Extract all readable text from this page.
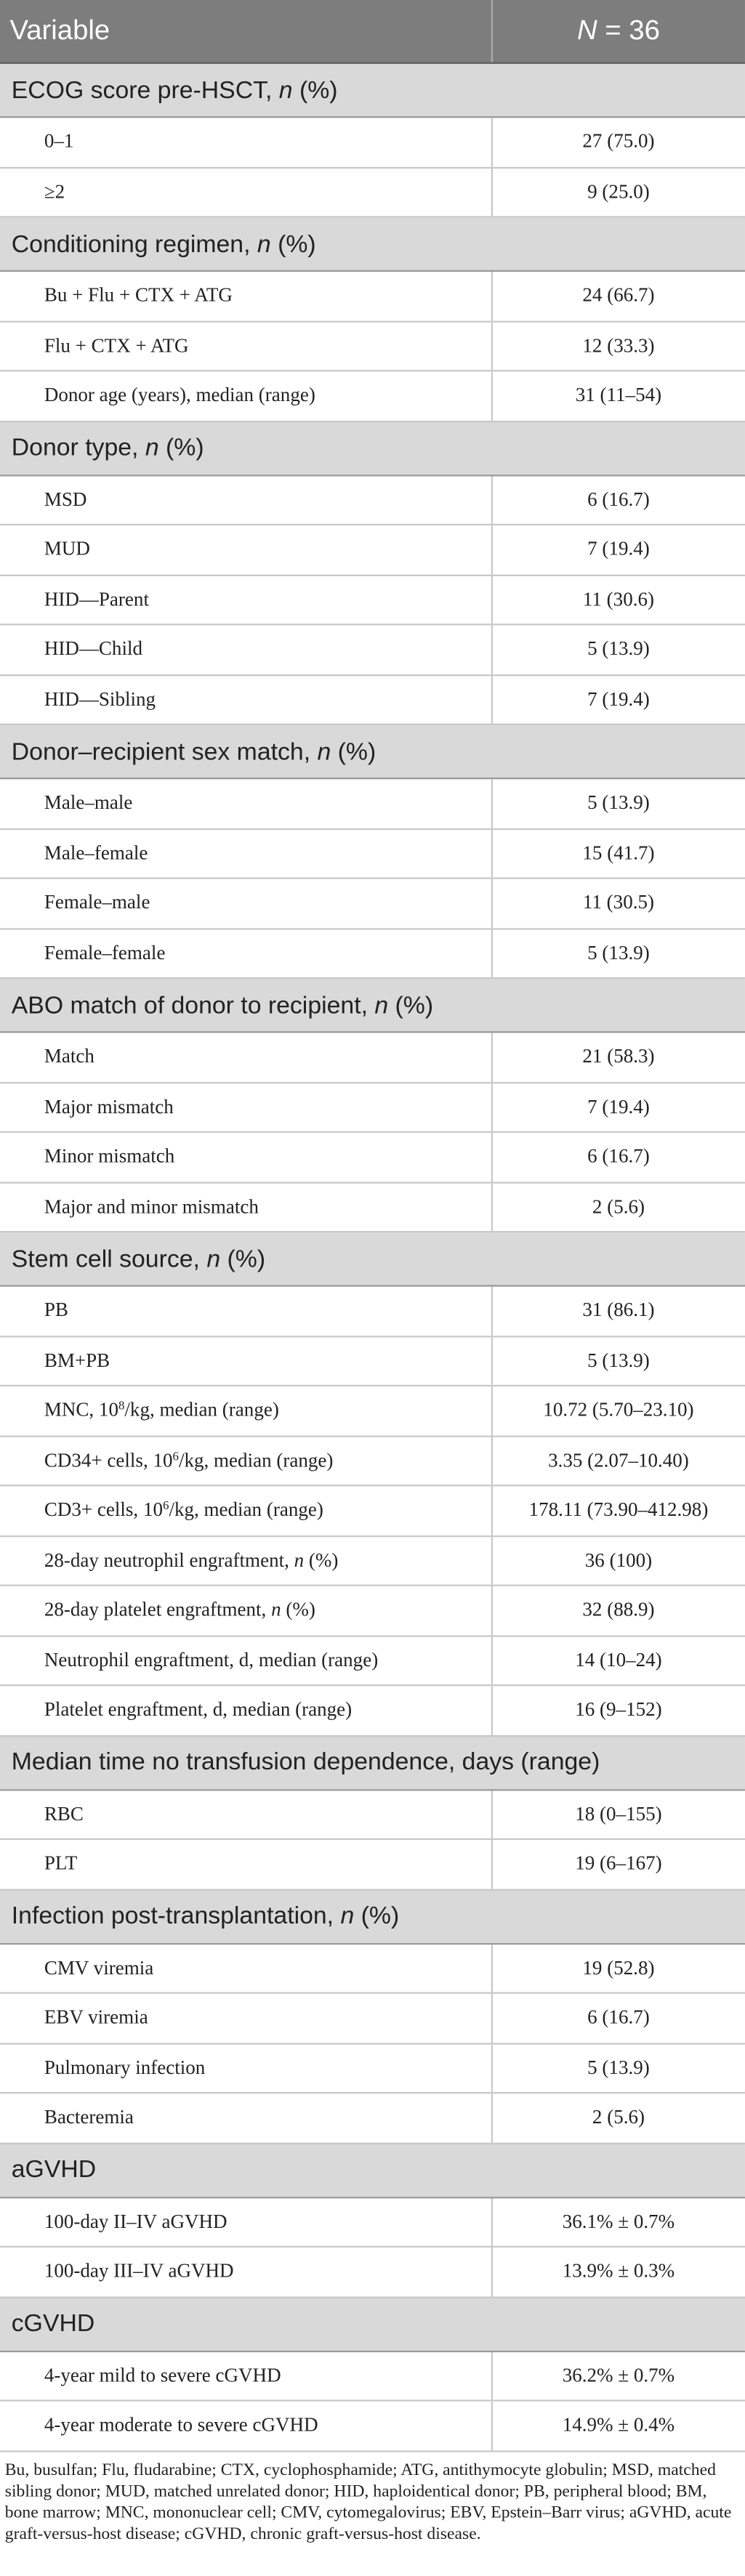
Variable	N = 36
ECOG score pre-HSCT, n (%)	
0–1	27 (75.0)
≥2	9 (25.0)
Conditioning regimen, n (%)	
Bu + Flu + CTX + ATG	24 (66.7)
Flu + CTX + ATG	12 (33.3)
Donor age (years), median (range)	31 (11–54)
Donor type, n (%)	
MSD	6 (16.7)
MUD	7 (19.4)
HID—Parent	11 (30.6)
HID—Child	5 (13.9)
HID—Sibling	7 (19.4)
Donor–recipient sex match, n (%)	
Male–male	5 (13.9)
Male–female	15 (41.7)
Female–male	11 (30.5)
Female–female	5 (13.9)
ABO match of donor to recipient, n (%)	
Match	21 (58.3)
Major mismatch	7 (19.4)
Minor mismatch	6 (16.7)
Major and minor mismatch	2 (5.6)
Stem cell source, n (%)	
PB	31 (86.1)
BM+PB	5 (13.9)
MNC, $10^8/kg$, median (range)	10.72 (5.70–23.10)
CD34+ cells, $10^6/kg$, median (range)	3.35 (2.07–10.40)
CD3+ cells, $10^6/kg$, median (range)	178.11 (73.90–412.98)
28-day neutrophil engraftment, n (%)	36 (100)
28-day platelet engraftment, n (%)	32 (88.9)
Neutrophil engraftment, d, median (range)	14 (10–24)
Platelet engraftment, d, median (range)	16 (9–152)
Median time no transfusion dependence, days (range)	
RBC	18 (0–155)
PLT	19 (6–167)
Infection post-transplantation, n (%)	
CMV viremia	19 (52.8)
EBV viremia	6 (16.7)
Pulmonary infection	5 (13.9)
Bacteremia	2 (5.6)
aGVHD	
100-day II–IV aGVHD	36.1% ± 0.7%
100-day III–IV aGVHD	13.9% ± 0.3%
cGVHD	
4-year mild to severe cGVHD	36.2% ± 0.7%
4-year moderate to severe cGVHD	14.9% ± 0.4%
Bu, busulfan; Flu, fludarabine; CTX, cyclophosphamide; ATG, antithymocyte globulin; MSD, matched sibling donor; MUD, matched unrelated donor; HID, haploidentical donor; PB, peripheral blood; BM, bone marrow; MNC, mononuclear cell; CMV, cytomegalovirus; EBV, Epstein–Barr virus; aGVHD, acute graft-versus-host disease; cGVHD, chronic graft-versus-host disease.
